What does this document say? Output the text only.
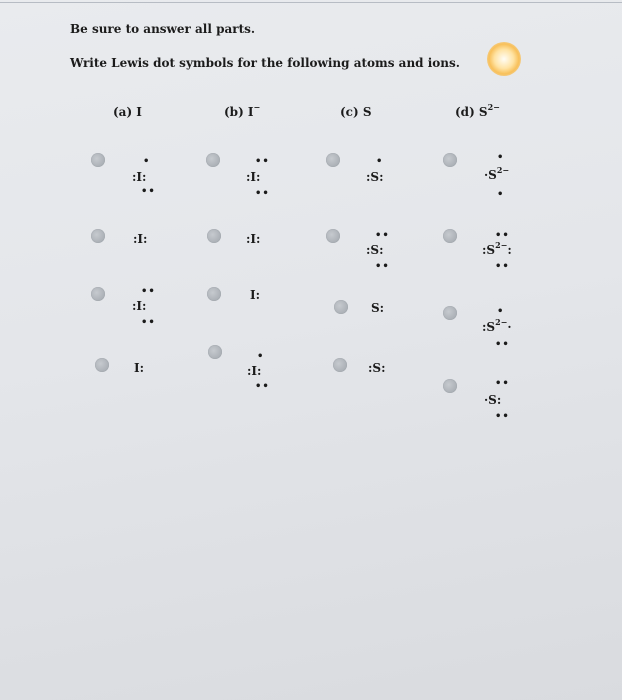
Be sure to answer all parts.
Write Lewis dot symbols for the following atoms and ions.
(a) I	(b) I−	(c) S	(d) $S^{2-}$
•
:I:
••
:I:
••
:I:
••
I:
••
:I:
••
:I:
I:
•
:I:
••
•
:S:
••
:S:
••
S:
:S:
•
$\cdot S^{2-}$
•
••
$:S^{2-}$:
••
•
$:S^{2-}\cdot$
••
••
·S:
••
